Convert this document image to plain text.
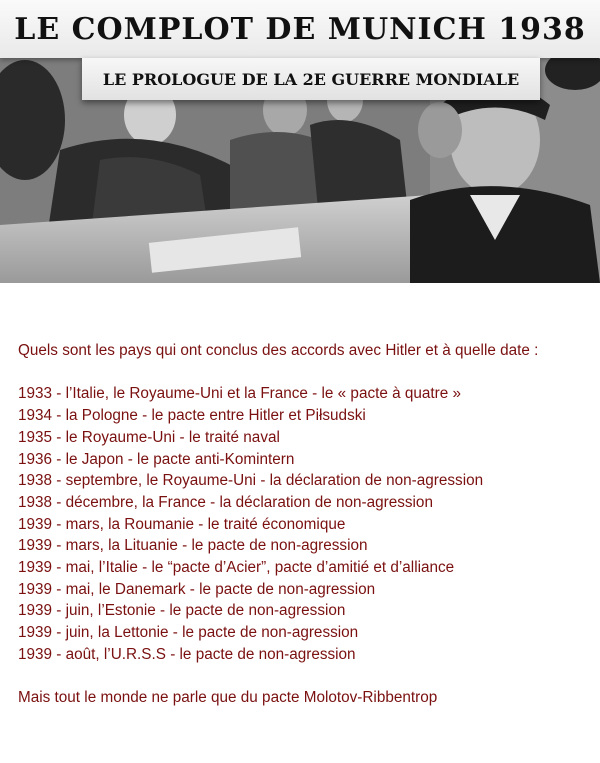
LE COMPLOT DE MUNICH 1938
LE PROLOGUE DE LA 2E GUERRE MONDIALE
Quels sont les pays qui ont conclus des accords avec Hitler et à quelle date :
1933 - l’Italie, le Royaume-Uni et la France - le « pacte à quatre »
1934 - la Pologne - le pacte entre Hitler et Piłsudski
1935 - le Royaume-Uni - le traité naval
1936 - le Japon - le pacte anti-Komintern
1938 - septembre, le Royaume-Uni - la déclaration de non-agression
1938 - décembre, la France - la déclaration de non-agression
1939 - mars, la Roumanie - le traité économique
1939 - mars, la Lituanie - le pacte de non-agression
1939 - mai, l’Italie - le “pacte d’Acier”, pacte d’amitié et d’alliance
1939 - mai, le Danemark - le pacte de non-agression
1939 - juin, l’Estonie - le pacte de non-agression
1939 - juin, la Lettonie - le pacte de non-agression
1939 - août, l’U.R.S.S - le pacte de non-agression
Mais tout le monde ne parle que du pacte Molotov-Ribbentrop
